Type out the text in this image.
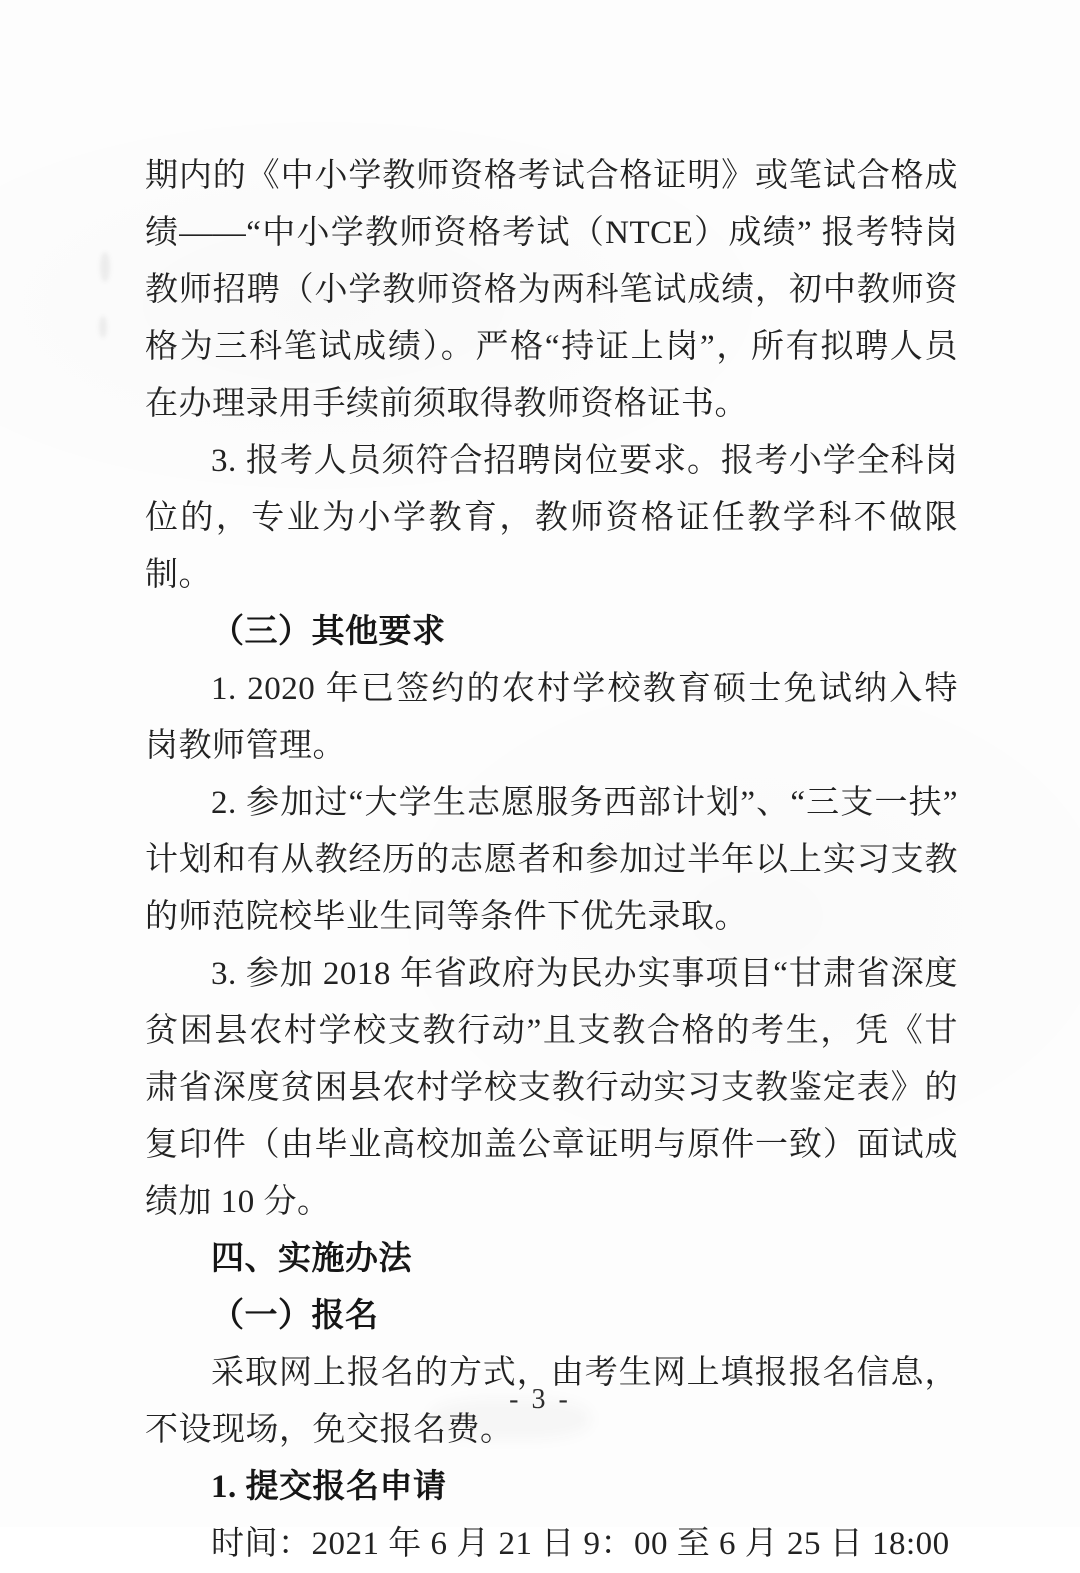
期内的《中小学教师资格考试合格证明》或笔试合格成绩——“中小学教师资格考试（NTCE）成绩” 报考特岗教师招聘（小学教师资格为两科笔试成绩，初中教师资格为三科笔试成绩）。严格“持证上岗”，所有拟聘人员在办理录用手续前须取得教师资格证书。

3. 报考人员须符合招聘岗位要求。报考小学全科岗位的，专业为小学教育，教师资格证任教学科不做限制。

（三）其他要求

1. 2020 年已签约的农村学校教育硕士免试纳入特岗教师管理。

2. 参加过“大学生志愿服务西部计划”、“三支一扶”计划和有从教经历的志愿者和参加过半年以上实习支教的师范院校毕业生同等条件下优先录取。

3. 参加 2018 年省政府为民办实事项目“甘肃省深度贫困县农村学校支教行动”且支教合格的考生，凭《甘肃省深度贫困县农村学校支教行动实习支教鉴定表》的复印件（由毕业高校加盖公章证明与原件一致）面试成绩加 10 分。

四、实施办法

（一）报名

采取网上报名的方式，由考生网上填报报名信息，不设现场，免交报名费。

1. 提交报名申请

时间：2021 年 6 月 21 日 9：00 至 6 月 25 日 18:00

- 3 -
